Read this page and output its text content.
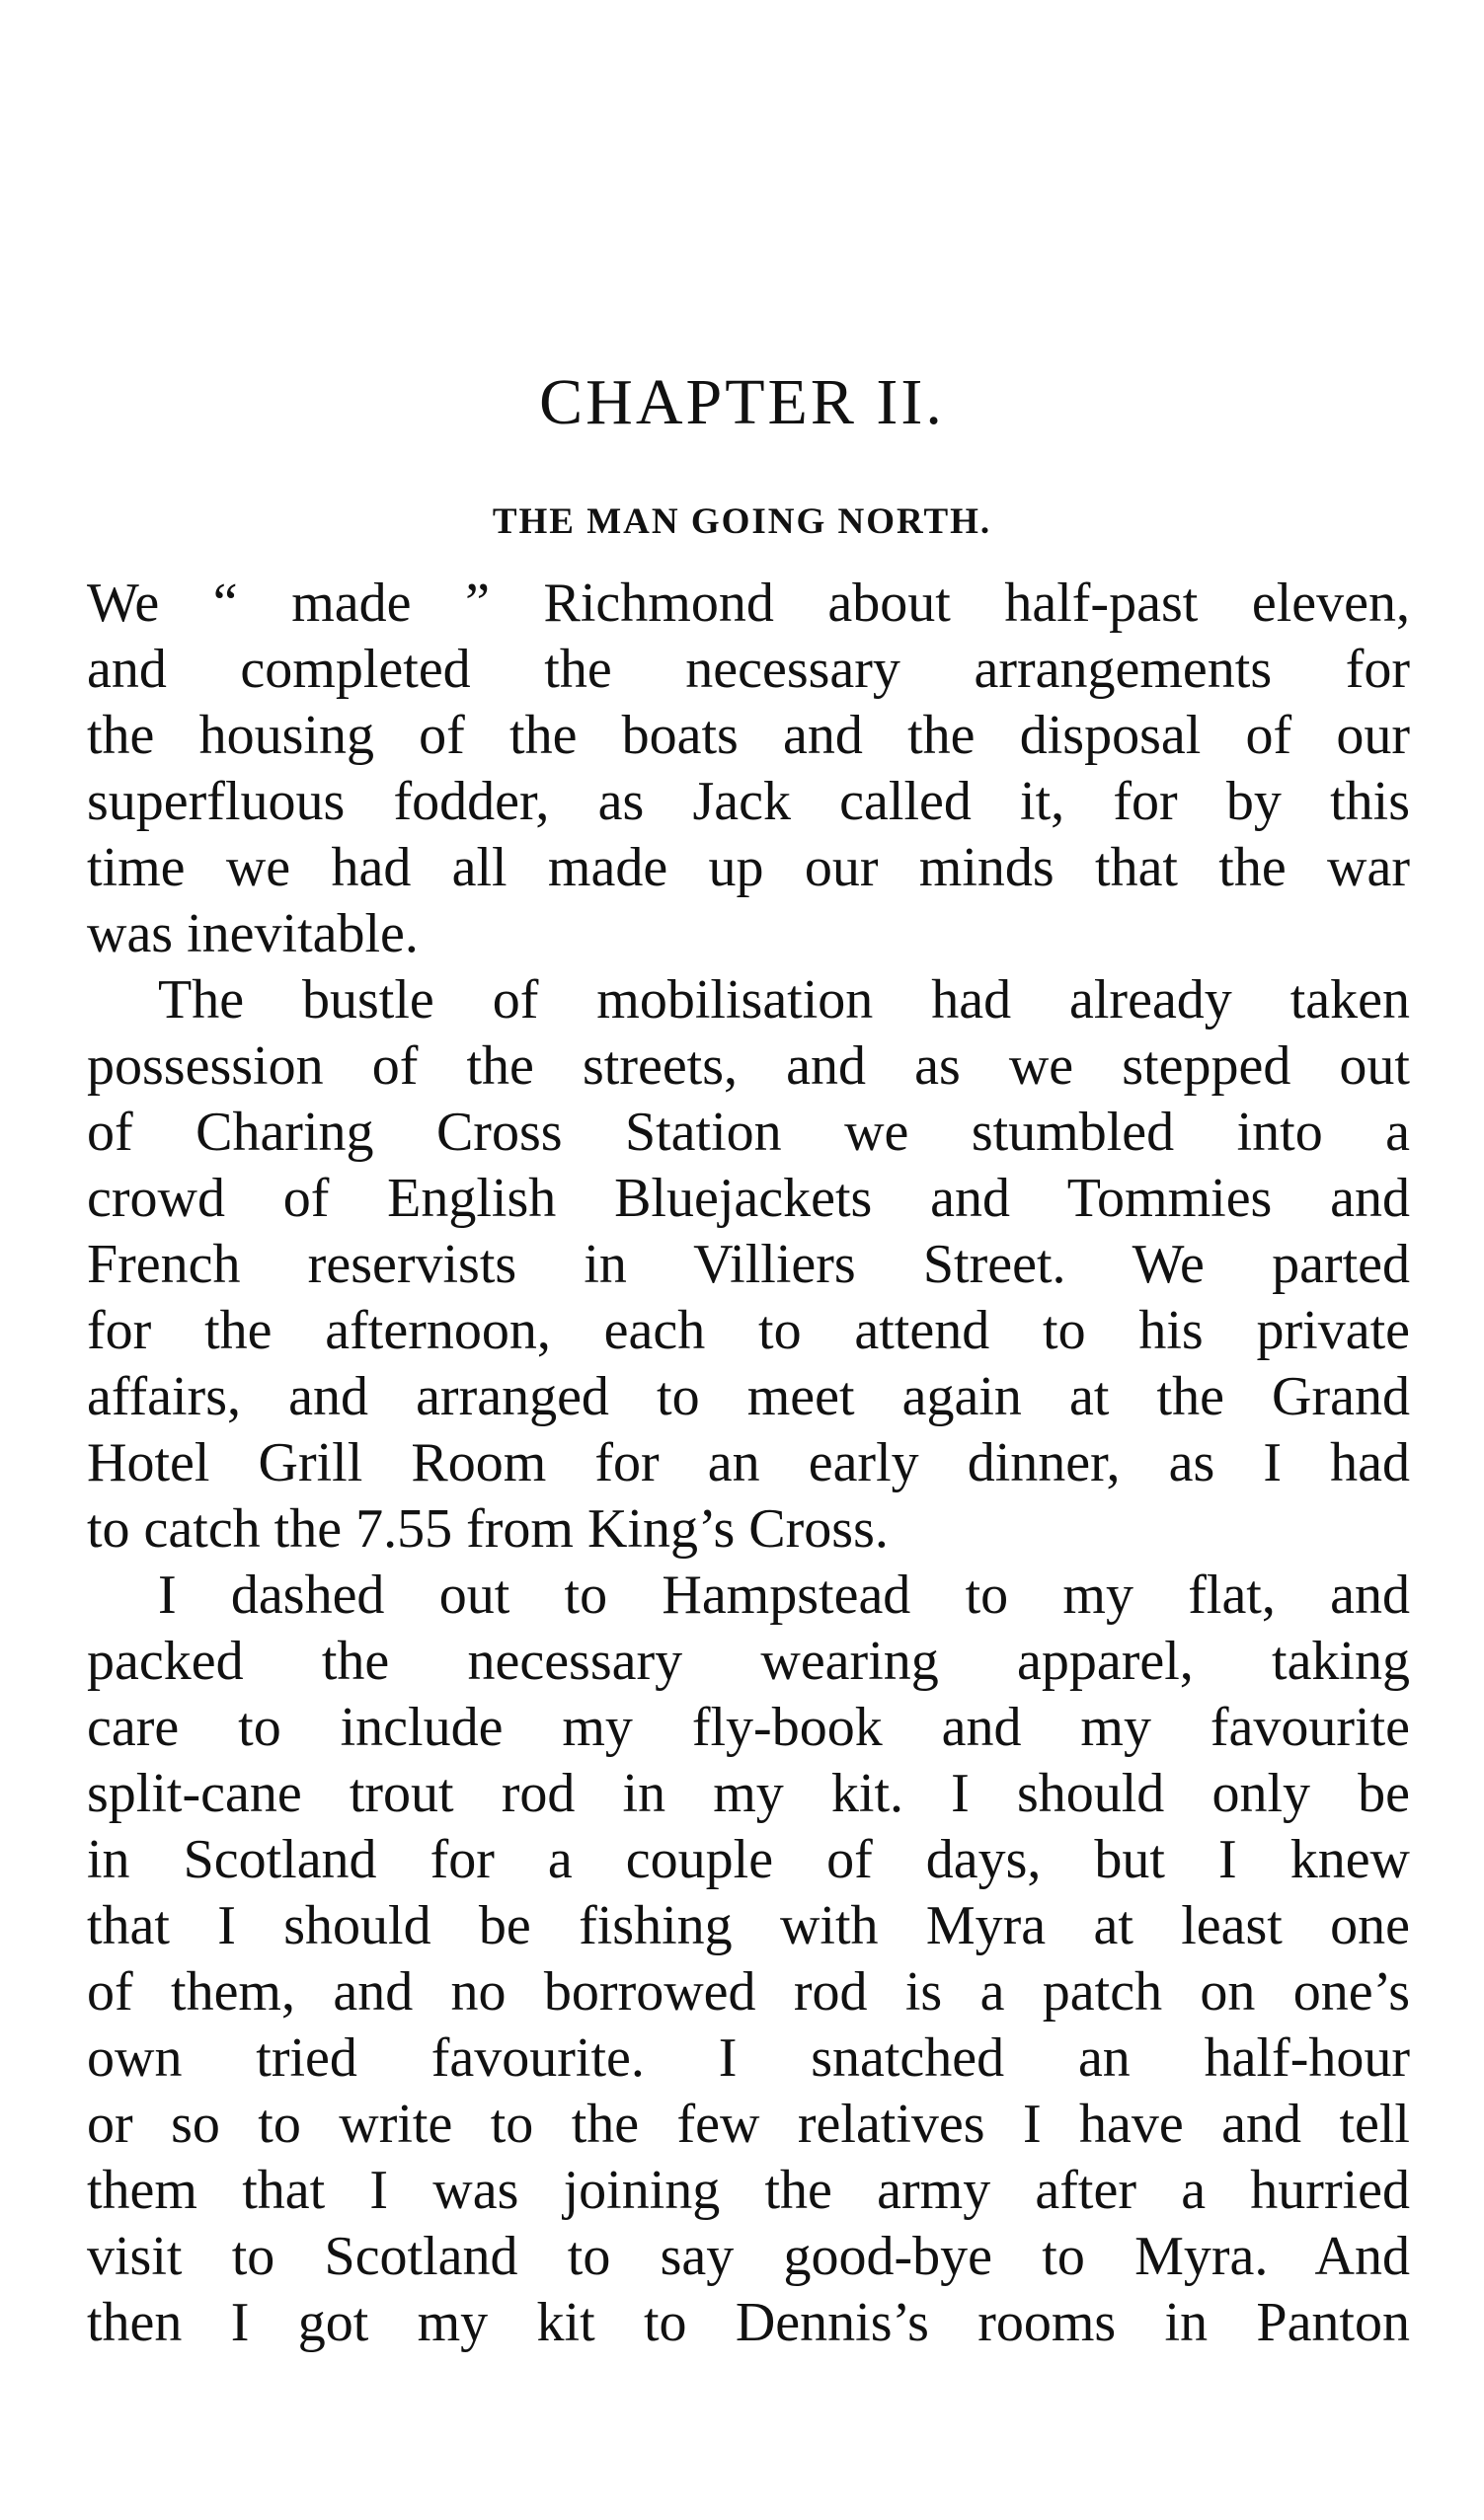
CHAPTER II.
THE MAN GOING NORTH.
We “ made ” Richmond about half-past eleven,
and completed the necessary arrangements for
the housing of the boats and the disposal of our
superfluous fodder, as Jack called it, for by this
time we had all made up our minds that the war
was inevitable.
The bustle of mobilisation had already taken
possession of the streets, and as we stepped out
of Charing Cross Station we stumbled into a
crowd of English Bluejackets and Tommies and
French reservists in Villiers Street. We parted
for the afternoon, each to attend to his private
affairs, and arranged to meet again at the Grand
Hotel Grill Room for an early dinner, as I had
to catch the 7.55 from King’s Cross.
I dashed out to Hampstead to my flat, and
packed the necessary wearing apparel, taking
care to include my fly-book and my favourite
split-cane trout rod in my kit. I should only be
in Scotland for a couple of days, but I knew
that I should be fishing with Myra at least one
of them, and no borrowed rod is a patch on one’s
own tried favourite. I snatched an half-hour
or so to write to the few relatives I have and tell
them that I was joining the army after a hurried
visit to Scotland to say good-bye to Myra. And
then I got my kit to Dennis’s rooms in Panton
